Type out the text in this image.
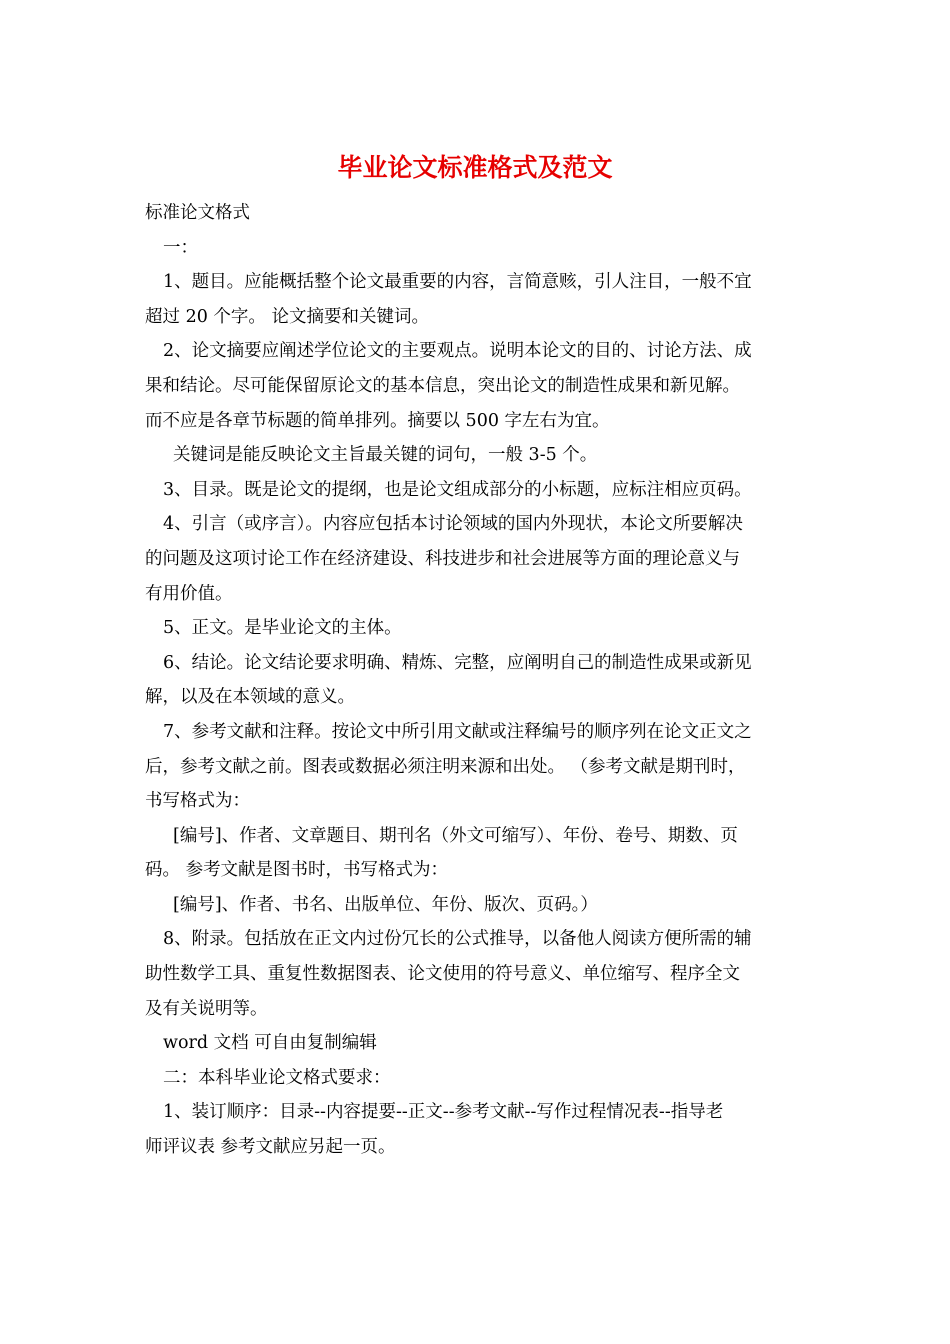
毕业论文标准格式及范文
标准论文格式
一：
1、题目。应能概括整个论文最重要的内容，言简意赅，引人注目，一般不宜
超过 20 个字。 论文摘要和关键词。
2、论文摘要应阐述学位论文的主要观点。说明本论文的目的、讨论方法、成
果和结论。尽可能保留原论文的基本信息，突出论文的制造性成果和新见解。
而不应是各章节标题的简单排列。摘要以 500 字左右为宜。
关键词是能反映论文主旨最关键的词句，一般 3-5 个。
3、目录。既是论文的提纲，也是论文组成部分的小标题，应标注相应页码。
4、引言（或序言）。内容应包括本讨论领域的国内外现状，本论文所要解决
的问题及这项讨论工作在经济建设、科技进步和社会进展等方面的理论意义与
有用价值。
5、正文。是毕业论文的主体。
6、结论。论文结论要求明确、精炼、完整，应阐明自己的制造性成果或新见
解，以及在本领域的意义。
7、参考文献和注释。按论文中所引用文献或注释编号的顺序列在论文正文之
后，参考文献之前。图表或数据必须注明来源和出处。 （参考文献是期刊时，
书写格式为：
[编号]、作者、文章题目、期刊名（外文可缩写）、年份、卷号、期数、页
码。 参考文献是图书时，书写格式为：
[编号]、作者、书名、出版单位、年份、版次、页码。）
8、附录。包括放在正文内过份冗长的公式推导，以备他人阅读方便所需的辅
助性数学工具、重复性数据图表、论文使用的符号意义、单位缩写、程序全文
及有关说明等。
word 文档 可自由复制编辑
二：本科毕业论文格式要求：
1、装订顺序：目录--内容提要--正文--参考文献--写作过程情况表--指导老
师评议表 参考文献应另起一页。
